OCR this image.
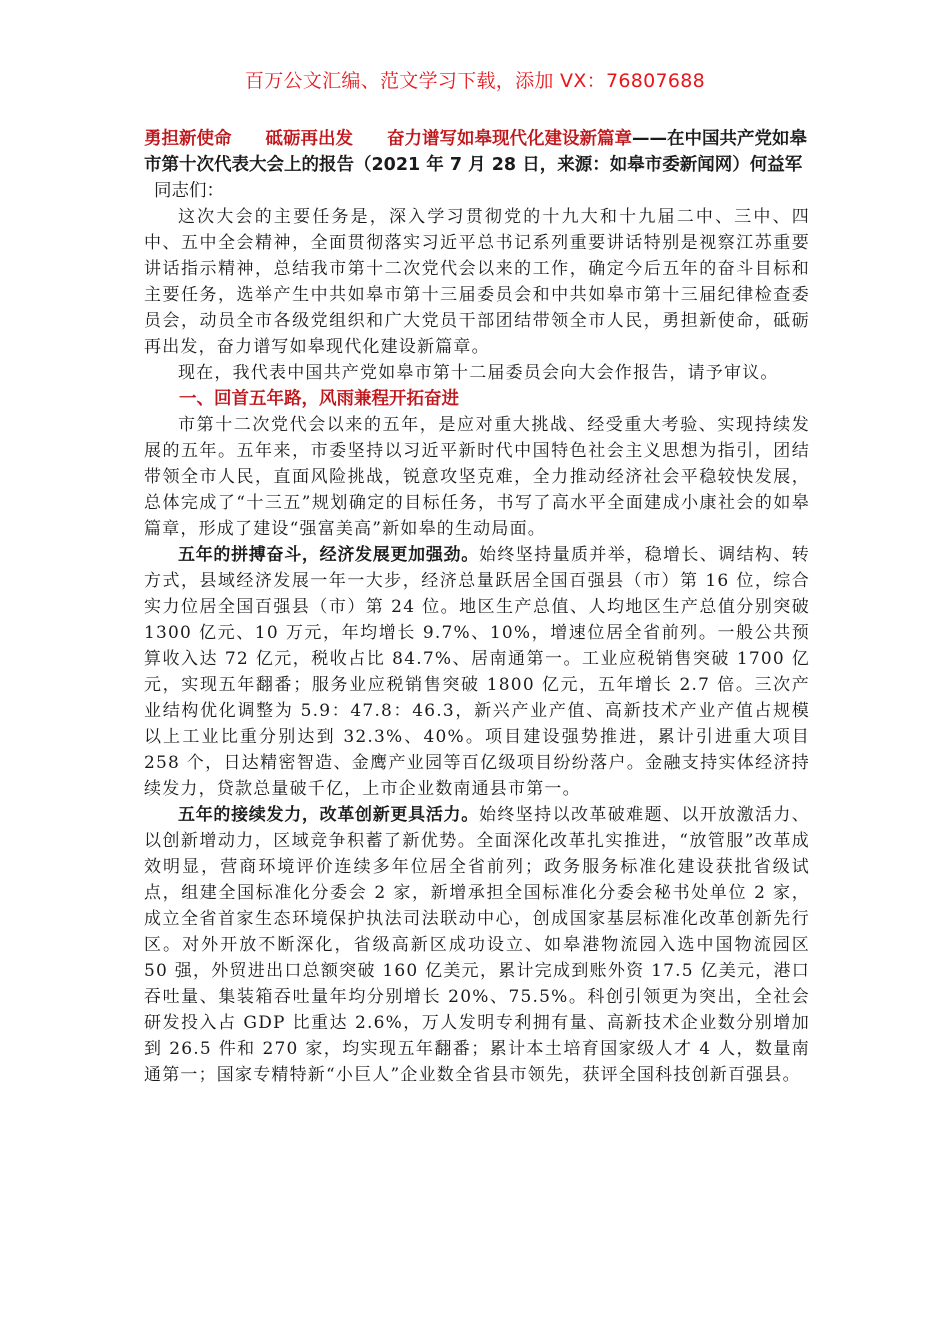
百万公文汇编、范文学习下载，添加 VX：76807688

勇担新使命 砥砺再出发 奋力谱写如皋现代化建设新篇章——在中国共产党如皋市第十次代表大会上的报告（2021 年 7 月 28 日，来源：如皋市委新闻网）何益军同志们：

这次大会的主要任务是，深入学习贯彻党的十九大和十九届二中、三中、四中、五中全会精神，全面贯彻落实习近平总书记系列重要讲话特别是视察江苏重要讲话指示精神，总结我市第十二次党代会以来的工作，确定今后五年的奋斗目标和主要任务，选举产生中共如皋市第十三届委员会和中共如皋市第十三届纪律检查委员会，动员全市各级党组织和广大党员干部团结带领全市人民，勇担新使命，砥砺再出发，奋力谱写如皋现代化建设新篇章。

现在，我代表中国共产党如皋市第十二届委员会向大会作报告，请予审议。

一、回首五年路，风雨兼程开拓奋进

市第十二次党代会以来的五年，是应对重大挑战、经受重大考验、实现持续发展的五年。五年来，市委坚持以习近平新时代中国特色社会主义思想为指引，团结带领全市人民，直面风险挑战，锐意攻坚克难，全力推动经济社会平稳较快发展，总体完成了“十三五”规划确定的目标任务，书写了高水平全面建成小康社会的如皋篇章，形成了建设“强富美高”新如皋的生动局面。

五年的拼搏奋斗，经济发展更加强劲。始终坚持量质并举，稳增长、调结构、转方式，县域经济发展一年一大步，经济总量跃居全国百强县（市）第 16 位，综合实力位居全国百强县（市）第 24 位。地区生产总值、人均地区生产总值分别突破 1300 亿元、10 万元，年均增长 9.7%、10%，增速位居全省前列。一般公共预算收入达 72 亿元，税收占比 84.7%、居南通第一。工业应税销售突破 1700 亿元，实现五年翻番；服务业应税销售突破 1800 亿元，五年增长 2.7 倍。三次产业结构优化调整为 5.9：47.8：46.3，新兴产业产值、高新技术产业产值占规模以上工业比重分别达到 32.3%、40%。项目建设强势推进，累计引进重大项目 258 个，日达精密智造、金鹰产业园等百亿级项目纷纷落户。金融支持实体经济持续发力，贷款总量破千亿，上市企业数南通县市第一。

五年的接续发力，改革创新更具活力。始终坚持以改革破难题、以开放激活力、以创新增动力，区域竞争积蓄了新优势。全面深化改革扎实推进，“放管服”改革成效明显，营商环境评价连续多年位居全省前列；政务服务标准化建设获批省级试点，组建全国标准化分委会 2 家，新增承担全国标准化分委会秘书处单位 2 家，成立全省首家生态环境保护执法司法联动中心，创成国家基层标准化改革创新先行区。对外开放不断深化，省级高新区成功设立、如皋港物流园入选中国物流园区 50 强，外贸进出口总额突破 160 亿美元，累计完成到账外资 17.5 亿美元，港口吞吐量、集装箱吞吐量年均分别增长 20%、75.5%。科创引领更为突出，全社会研发投入占 GDP 比重达 2.6%，万人发明专利拥有量、高新技术企业数分别增加到 26.5 件和 270 家，均实现五年翻番；累计本土培育国家级人才 4 人，数量南通第一；国家专精特新“小巨人”企业数全省县市领先，获评全国科技创新百强县。
